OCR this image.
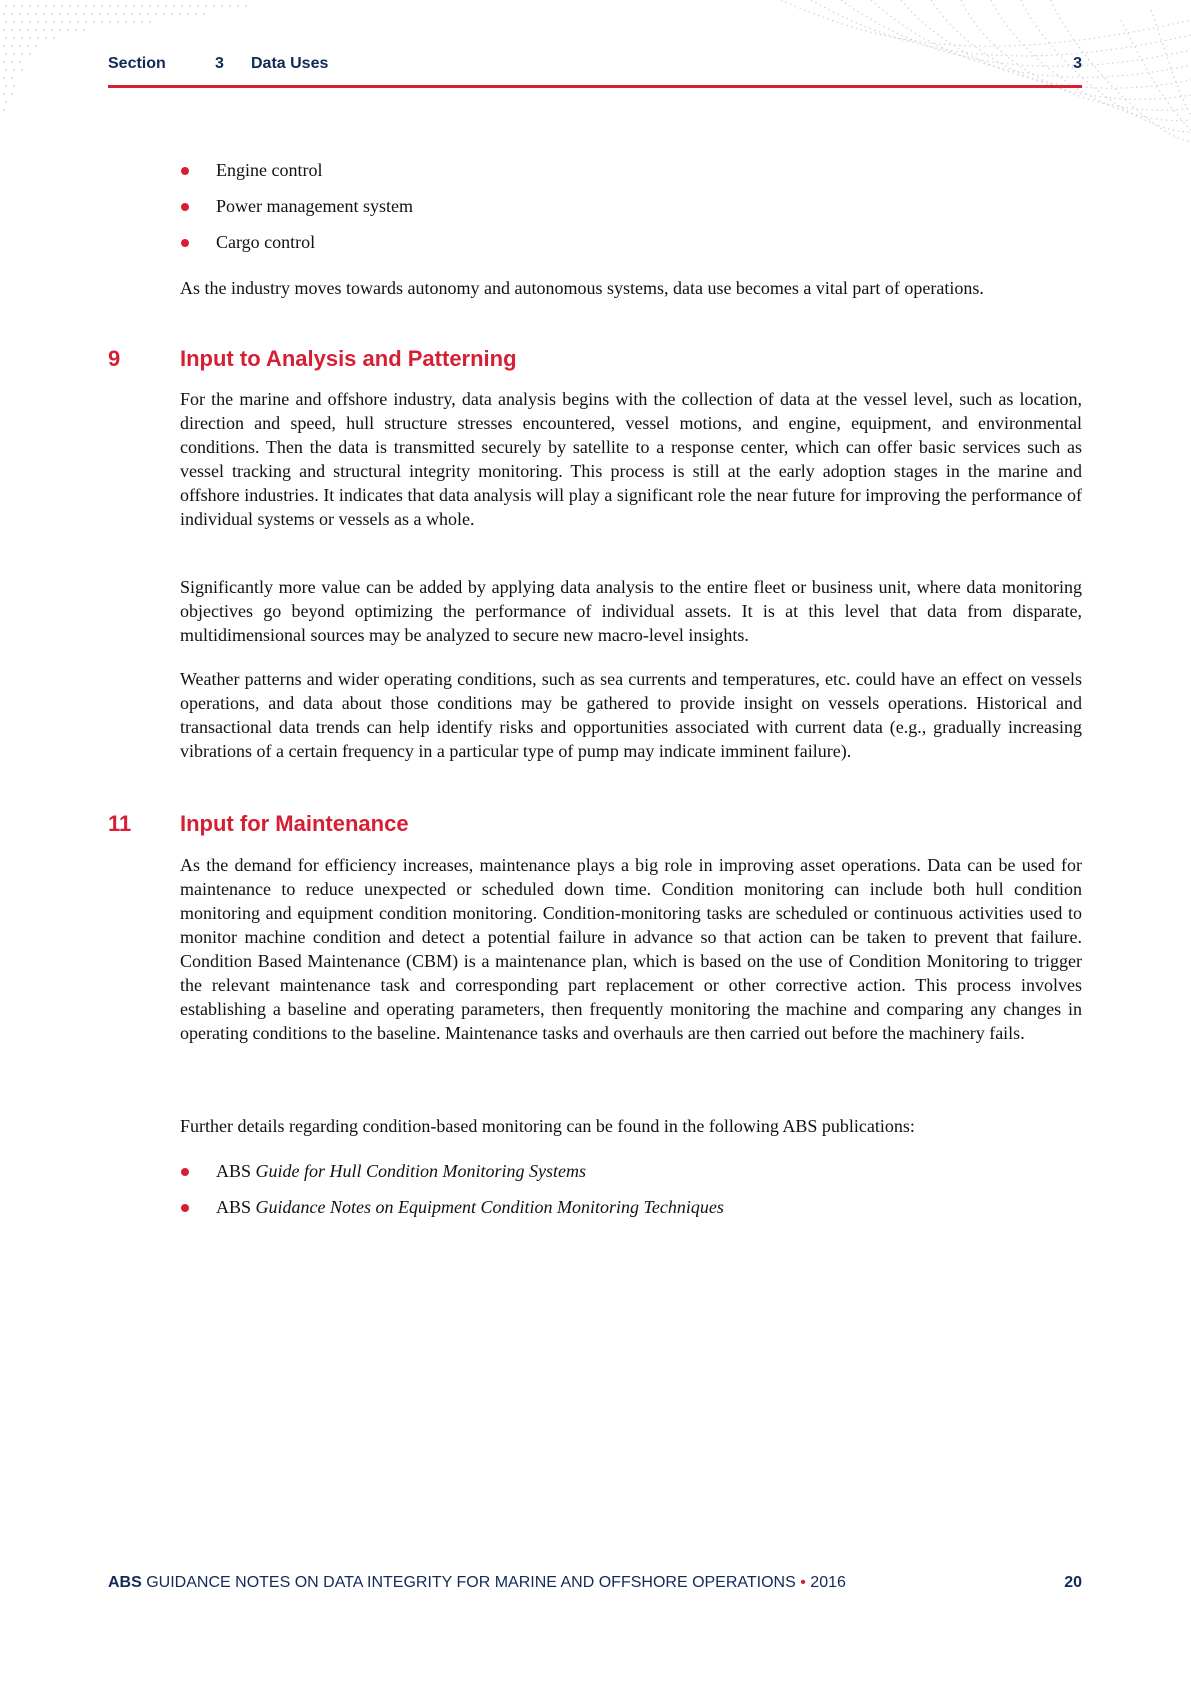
Section	3 Data Uses	3
Engine control
Power management system
Cargo control

As the industry moves towards autonomy and autonomous systems, data use becomes a vital part of operations.

9	Input to Analysis and Patterning

For the marine and offshore industry, data analysis begins with the collection of data at the vessel level, such as location, direction and speed, hull structure stresses encountered, vessel motions, and engine, equipment, and environmental conditions. Then the data is transmitted securely by satellite to a response center, which can offer basic services such as vessel tracking and structural integrity monitoring. This process is still at the early adoption stages in the marine and offshore industries. It indicates that data analysis will play a significant role the near future for improving the performance of individual systems or vessels as a whole.

Significantly more value can be added by applying data analysis to the entire fleet or business unit, where data monitoring objectives go beyond optimizing the performance of individual assets. It is at this level that data from disparate, multidimensional sources may be analyzed to secure new macro-level insights.

Weather patterns and wider operating conditions, such as sea currents and temperatures, etc. could have an effect on vessels operations, and data about those conditions may be gathered to provide insight on vessels operations. Historical and transactional data trends can help identify risks and opportunities associated with current data (e.g., gradually increasing vibrations of a certain frequency in a particular type of pump may indicate imminent failure).

11 Input for Maintenance

As the demand for efficiency increases, maintenance plays a big role in improving asset operations. Data can be used for maintenance to reduce unexpected or scheduled down time. Condition monitoring can include both hull condition monitoring and equipment condition monitoring. Condition-monitoring tasks are scheduled or continuous activities used to monitor machine condition and detect a potential failure in advance so that action can be taken to prevent that failure. Condition Based Maintenance (CBM) is a maintenance plan, which is based on the use of Condition Monitoring to trigger the relevant maintenance task and corresponding part replacement or other corrective action. This process involves establishing a baseline and operating parameters, then frequently monitoring the machine and comparing any changes in operating conditions to the baseline. Maintenance tasks and overhauls are then carried out before the machinery fails.

Further details regarding condition-based monitoring can be found in the following ABS publications:

ABS Guide for Hull Condition Monitoring Systems
ABS Guidance Notes on Equipment Condition Monitoring Techniques
ABS GUIDANCE NOTES ON DATA INTEGRITY FOR MARINE AND OFFSHORE OPERATIONS • 2016	20
